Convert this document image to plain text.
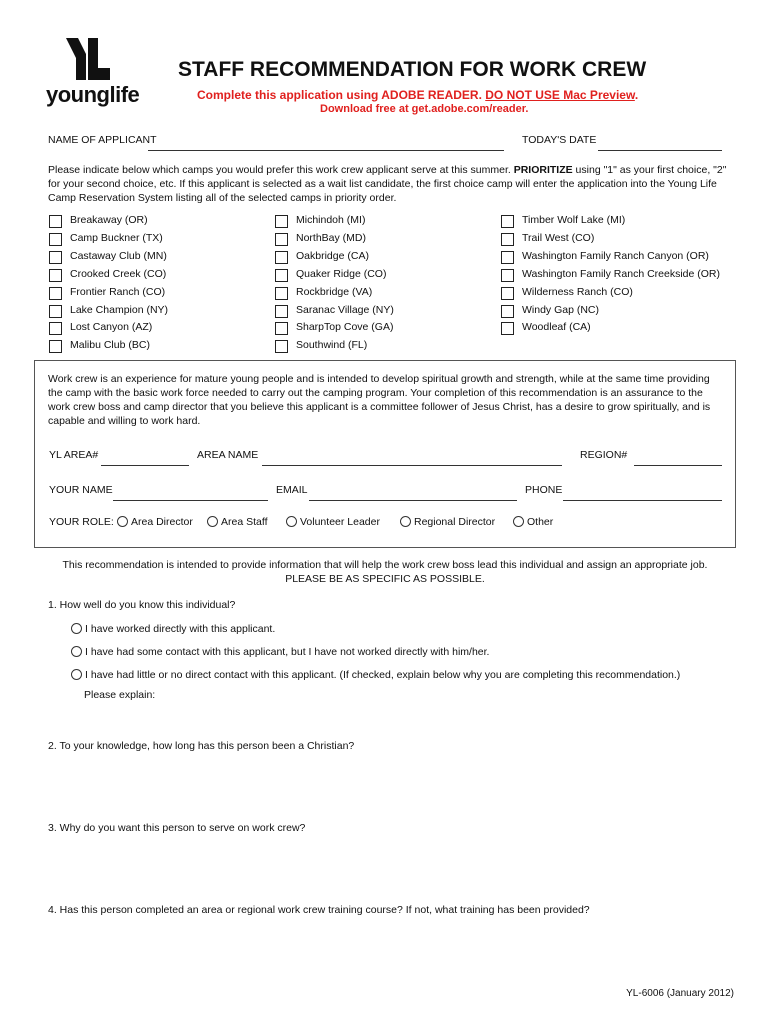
younglife
STAFF RECOMMENDATION FOR WORK CREW
Complete this application using ADOBE READER. DO NOT USE Mac Preview.
Download free at get.adobe.com/reader.
NAME OF APPLICANT	TODAY'S DATE
Please indicate below which camps you would prefer this work crew applicant serve at this summer. PRIORITIZE using "1" as your first choice, "2" for your second choice, etc. If this applicant is selected as a wait list candidate, the first choice camp will enter the application into the Young Life Camp Reservation System listing all of the selected camps in priority order.
Breakaway (OR)
Camp Buckner (TX)
Castaway Club (MN)
Crooked Creek (CO)
Frontier Ranch (CO)
Lake Champion (NY)
Lost Canyon (AZ)
Malibu Club (BC)
Michindoh (MI)
NorthBay (MD)
Oakbridge (CA)
Quaker Ridge (CO)
Rockbridge (VA)
Saranac Village (NY)
SharpTop Cove (GA)
Southwind (FL)
Timber Wolf Lake (MI)
Trail West (CO)
Washington Family Ranch Canyon (OR)
Washington Family Ranch Creekside (OR)
Wilderness Ranch (CO)
Windy Gap (NC)
Woodleaf (CA)
Work crew is an experience for mature young people and is intended to develop spiritual growth and strength, while at the same time providing the camp with the basic work force needed to carry out the camping program. Your completion of this recommendation is an assurance to the work crew boss and camp director that you believe this applicant is a committee follower of Jesus Christ, has a desire to grow spiritually, and is capable and willing to work hard.
YL AREA#	AREA NAME	REGION#
YOUR NAME	EMAIL	PHONE
YOUR ROLE:	Area Director	Area Staff	Volunteer Leader	Regional Director	Other
This recommendation is intended to provide information that will help the work crew boss lead this individual and assign an appropriate job.
PLEASE BE AS SPECIFIC AS POSSIBLE.
1. How well do you know this individual?
I have worked directly with this applicant.
I have had some contact with this applicant, but I have not worked directly with him/her.
I have had little or no direct contact with this applicant. (If checked, explain below why you are completing this recommendation.)
Please explain:
2. To your knowledge, how long has this person been a Christian?
3. Why do you want this person to serve on work crew?
4. Has this person completed an area or regional work crew training course? If not, what training has been provided?
YL-6006 (January 2012)
